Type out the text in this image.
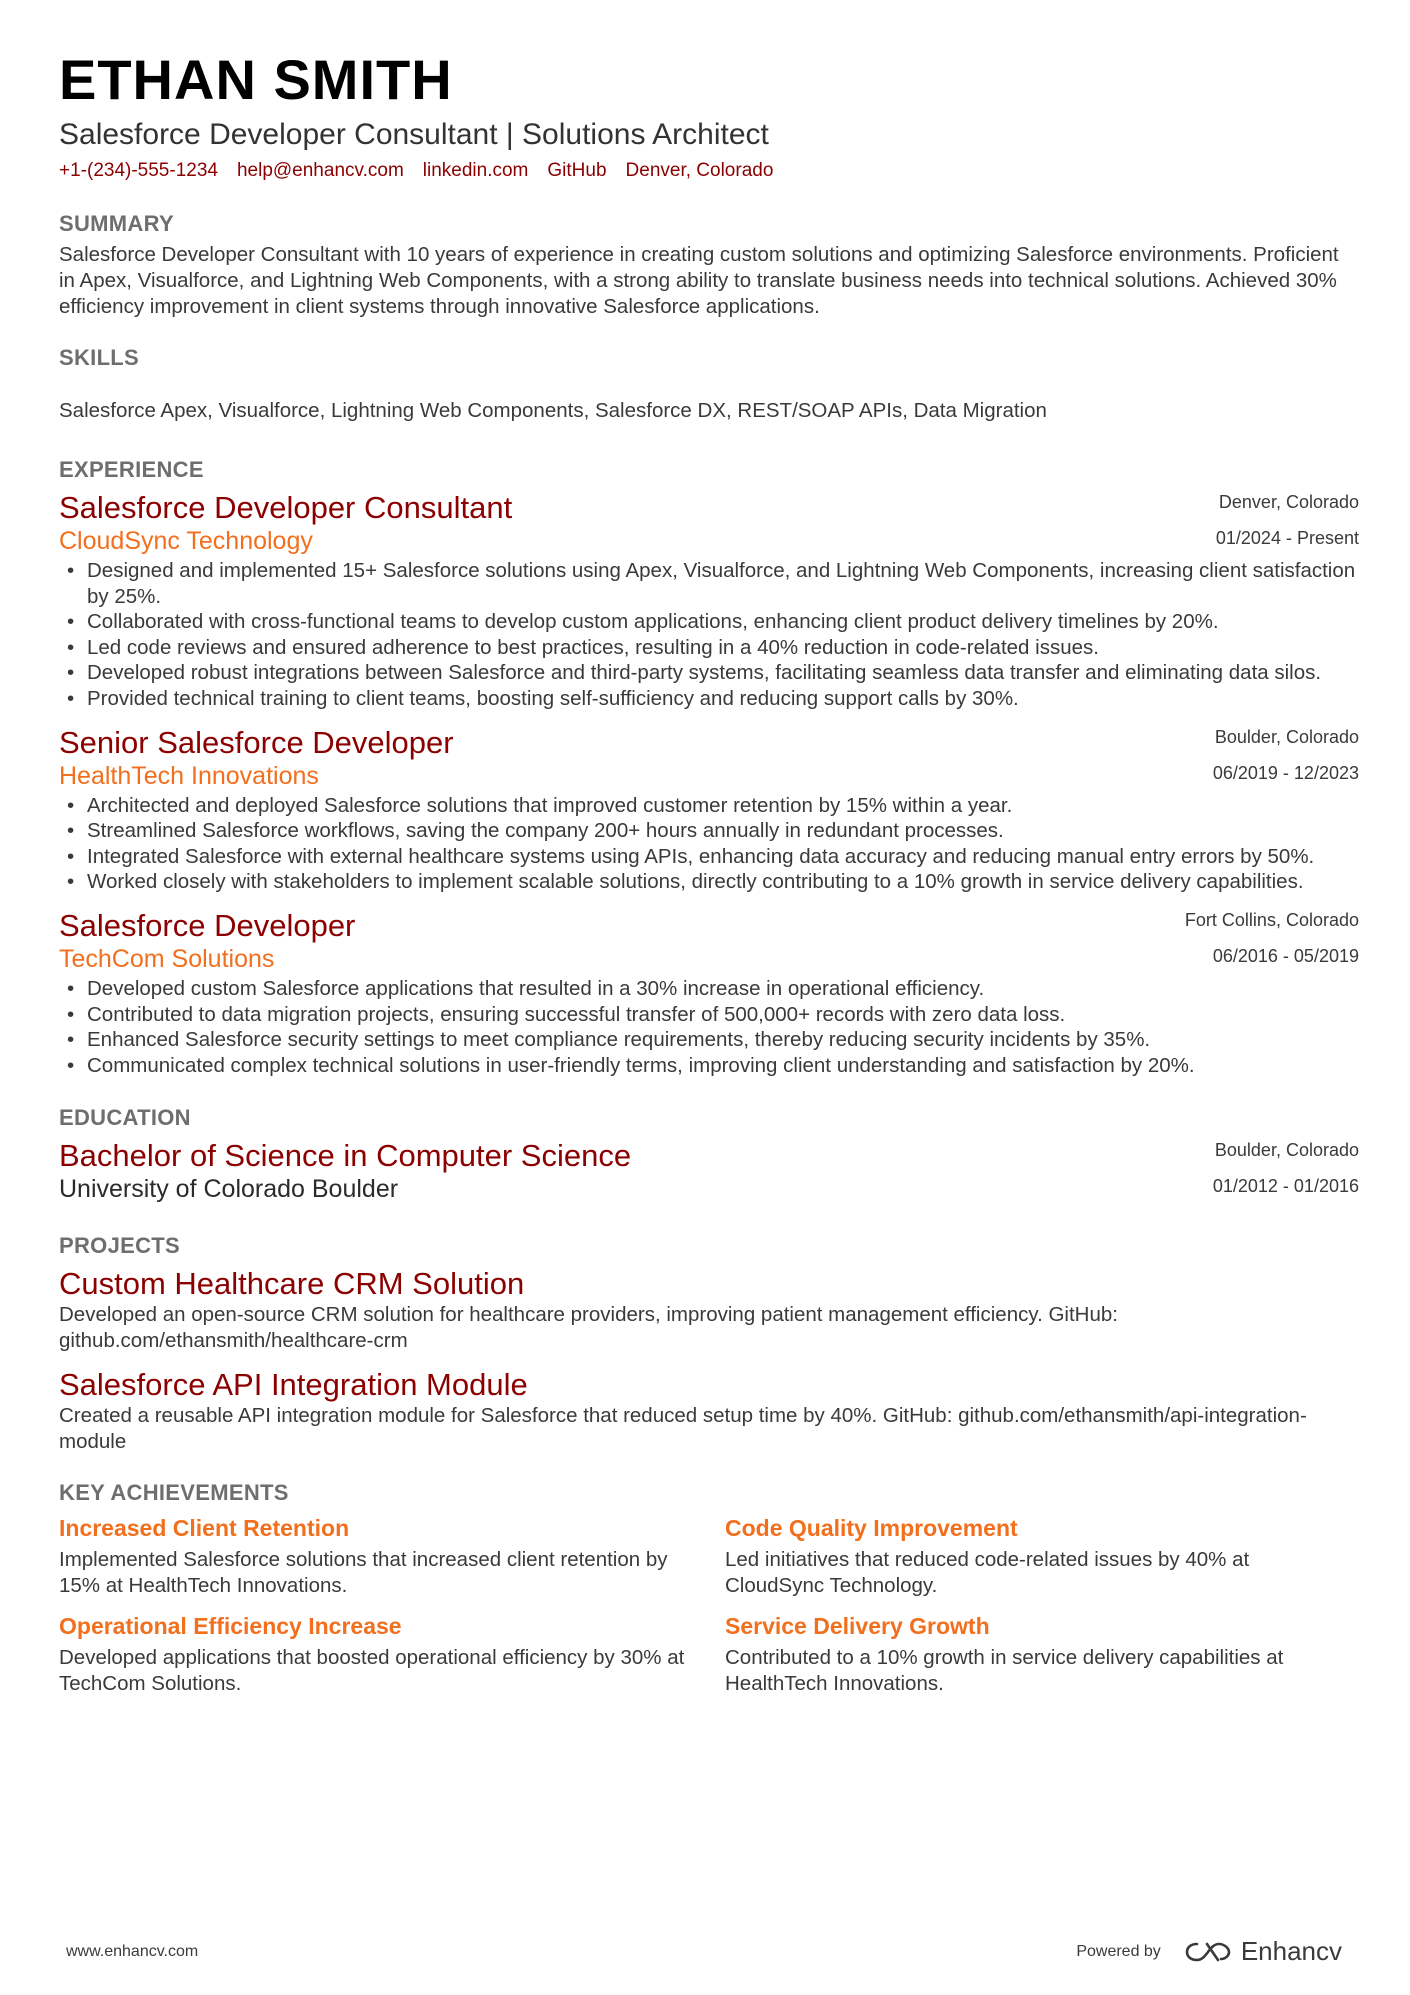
ETHAN SMITH
Salesforce Developer Consultant | Solutions Architect
+1-(234)-555-1234 help@enhancv.com linkedin.com GitHub Denver, Colorado
SUMMARY
Salesforce Developer Consultant with 10 years of experience in creating custom solutions and optimizing Salesforce environments. Proficient in Apex, Visualforce, and Lightning Web Components, with a strong ability to translate business needs into technical solutions. Achieved 30% efficiency improvement in client systems through innovative Salesforce applications.
SKILLS
Salesforce Apex, Visualforce, Lightning Web Components, Salesforce DX, REST/SOAP APIs, Data Migration
EXPERIENCE
Denver, Colorado
01/2024 - Present
Salesforce Developer Consultant
CloudSync Technology
• Designed and implemented 15+ Salesforce solutions using Apex, Visualforce, and Lightning Web Components, increasing client satisfaction by 25%.
• Collaborated with cross-functional teams to develop custom applications, enhancing client product delivery timelines by 20%.
• Led code reviews and ensured adherence to best practices, resulting in a 40% reduction in code-related issues.
• Developed robust integrations between Salesforce and third-party systems, facilitating seamless data transfer and eliminating data silos.
• Provided technical training to client teams, boosting self-sufficiency and reducing support calls by 30%.
Boulder, Colorado
06/2019 - 12/2023
Senior Salesforce Developer
HealthTech Innovations
• Architected and deployed Salesforce solutions that improved customer retention by 15% within a year.
• Streamlined Salesforce workflows, saving the company 200+ hours annually in redundant processes.
• Integrated Salesforce with external healthcare systems using APIs, enhancing data accuracy and reducing manual entry errors by 50%.
• Worked closely with stakeholders to implement scalable solutions, directly contributing to a 10% growth in service delivery capabilities.
Fort Collins, Colorado
06/2016 - 05/2019
Salesforce Developer
TechCom Solutions
• Developed custom Salesforce applications that resulted in a 30% increase in operational efficiency.
• Contributed to data migration projects, ensuring successful transfer of 500,000+ records with zero data loss.
• Enhanced Salesforce security settings to meet compliance requirements, thereby reducing security incidents by 35%.
• Communicated complex technical solutions in user-friendly terms, improving client understanding and satisfaction by 20%.
EDUCATION
Boulder, Colorado
01/2012 - 01/2016
Bachelor of Science in Computer Science
University of Colorado Boulder
PROJECTS
Custom Healthcare CRM Solution
Developed an open-source CRM solution for healthcare providers, improving patient management efficiency. GitHub: github.com/ethansmith/healthcare-crm
Salesforce API Integration Module
Created a reusable API integration module for Salesforce that reduced setup time by 40%. GitHub: github.com/ethansmith/api-integration-module
KEY ACHIEVEMENTS
Increased Client Retention
Implemented Salesforce solutions that increased client retention by 15% at HealthTech Innovations.
Code Quality Improvement
Led initiatives that reduced code-related issues by 40% at CloudSync Technology.
Operational Efficiency Increase
Developed applications that boosted operational efficiency by 30% at TechCom Solutions.
Service Delivery Growth
Contributed to a 10% growth in service delivery capabilities at HealthTech Innovations.
www.enhancv.com	Powered by	Enhancv
